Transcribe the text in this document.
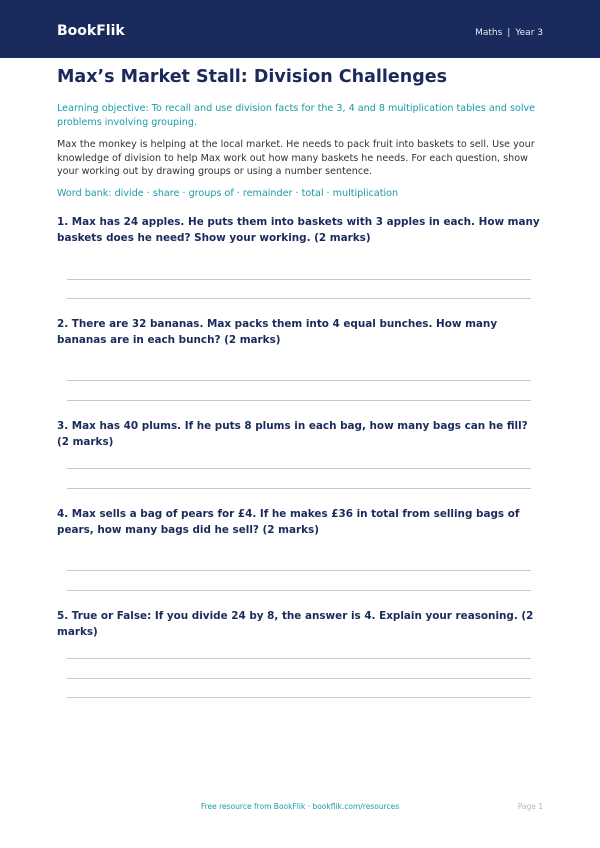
BookFlik	Maths | Year 3
Max’s Market Stall: Division Challenges
Learning objective: To recall and use division facts for the 3, 4 and 8 multiplication tables and solve problems involving grouping.
Max the monkey is helping at the local market. He needs to pack fruit into baskets to sell. Use your knowledge of division to help Max work out how many baskets he needs. For each question, show your working out by drawing groups or using a number sentence.
Word bank: divide · share · groups of · remainder · total · multiplication
1. Max has 24 apples. He puts them into baskets with 3 apples in each. How many baskets does he need? Show your working. (2 marks)
2. There are 32 bananas. Max packs them into 4 equal bunches. How many bananas are in each bunch? (2 marks)
3. Max has 40 plums. If he puts 8 plums in each bag, how many bags can he fill? (2 marks)
4. Max sells a bag of pears for £4. If he makes £36 in total from selling bags of pears, how many bags did he sell? (2 marks)
5. True or False: If you divide 24 by 8, the answer is 4. Explain your reasoning. (2 marks)
Free resource from BookFlik · bookflik.com/resources	Page 1
